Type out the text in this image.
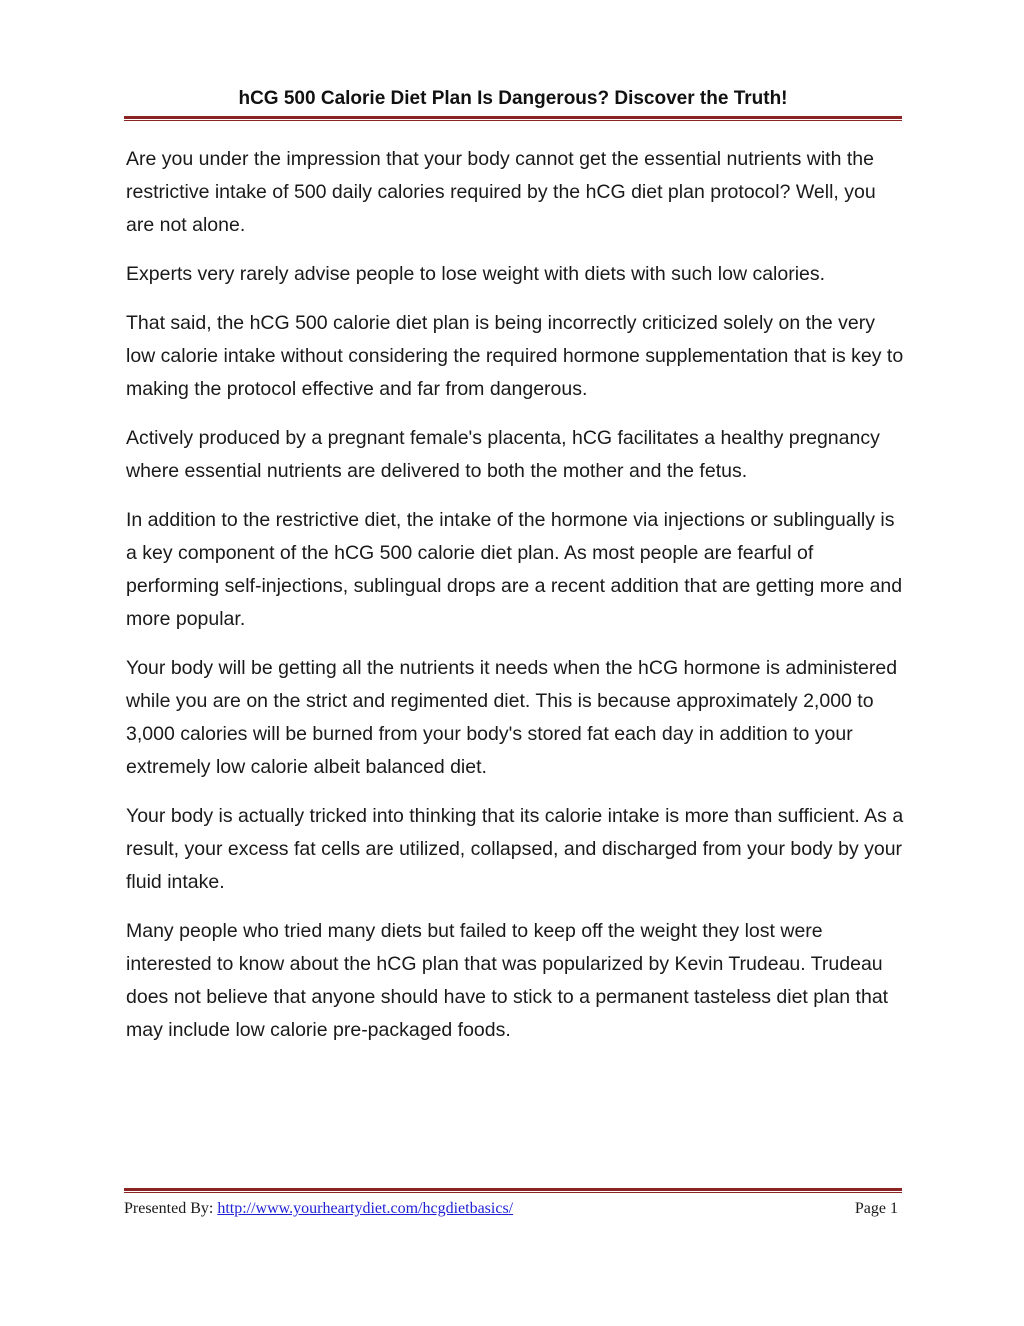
hCG 500 Calorie Diet Plan Is Dangerous? Discover the Truth!

Are you under the impression that your body cannot get the essential nutrients with the restrictive intake of 500 daily calories required by the hCG diet plan protocol? Well, you are not alone.

Experts very rarely advise people to lose weight with diets with such low calories.

That said, the hCG 500 calorie diet plan is being incorrectly criticized solely on the very low calorie intake without considering the required hormone supplementation that is key to making the protocol effective and far from dangerous.

Actively produced by a pregnant female's placenta, hCG facilitates a healthy pregnancy where essential nutrients are delivered to both the mother and the fetus.

In addition to the restrictive diet, the intake of the hormone via injections or sublingually is a key component of the hCG 500 calorie diet plan. As most people are fearful of performing self-injections, sublingual drops are a recent addition that are getting more and more popular.

Your body will be getting all the nutrients it needs when the hCG hormone is administered while you are on the strict and regimented diet. This is because approximately 2,000 to 3,000 calories will be burned from your body's stored fat each day in addition to your extremely low calorie albeit balanced diet.

Your body is actually tricked into thinking that its calorie intake is more than sufficient. As a result, your excess fat cells are utilized, collapsed, and discharged from your body by your fluid intake.

Many people who tried many diets but failed to keep off the weight they lost were interested to know about the hCG plan that was popularized by Kevin Trudeau. Trudeau does not believe that anyone should have to stick to a permanent tasteless diet plan that may include low calorie pre-packaged foods.

Presented By: http://www.yourheartydiet.com/hcgdietbasics/	Page 1
